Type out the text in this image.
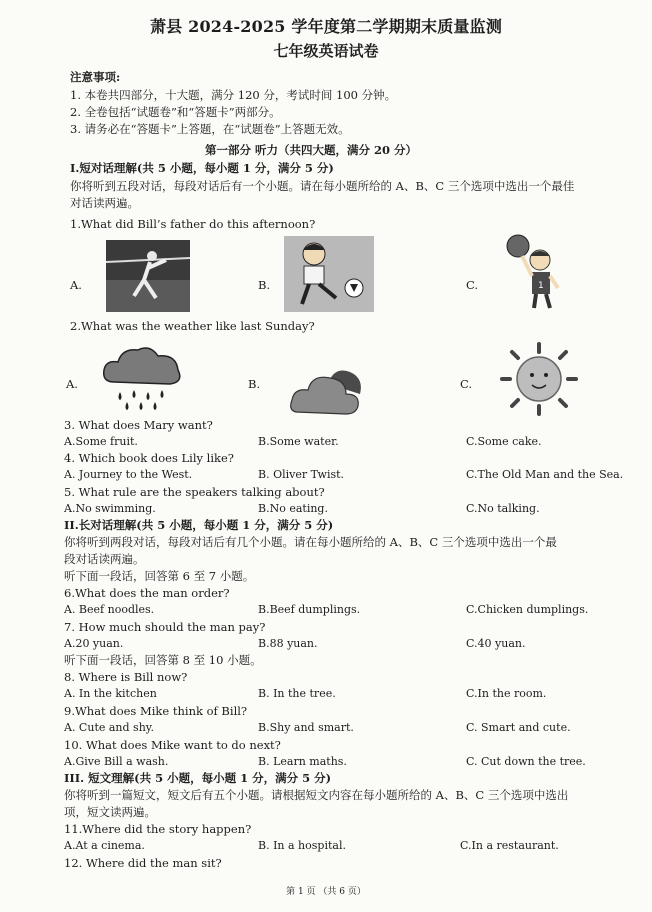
萧县 2024-2025 学年度第二学期期末质量监测
七年级英语试卷
注意事项:
1. 本卷共四部分，十大题，满分 120 分，考试时间 100 分钟。
2. 全卷包括“试题卷”和“答题卡”两部分。
3. 请务必在“答题卡”上答题，在“试题卷”上答题无效。
第一部分 听力（共四大题，满分 20 分）
I.短对话理解(共 5 小题，每小题 1 分，满分 5 分)
你将听到五段对话，每段对话后有一个小题。请在每小题所给的 A、B、C 三个选项中选出一个最佳
对话读两遍。
1.What did Bill’s father do this afternoon?
A.	B.	C.	1
2.What was the weather like last Sunday?
A.	B.	C.
3. What does Mary want?
A.Some fruit.	B.Some water.	C.Some cake.
4. Which book does Lily like?
A. Journey to the West.	B. Oliver Twist.	C.The Old Man and the Sea.
5. What rule are the speakers talking about?
A.No swimming.	B.No eating.	C.No talking.
II.长对话理解(共 5 小题，每小题 1 分，满分 5 分)
你将听到两段对话，每段对话后有几个小题。请在每小题所给的 A、B、C 三个选项中选出一个最
段对话读两遍。
听下面一段话，回答第 6 至 7 小题。
6.What does the man order?
A. Beef noodles.	B.Beef dumplings.	C.Chicken dumplings.
7. How much should the man pay?
A.20 yuan.	B.88 yuan.	C.40 yuan.
听下面一段话，回答第 8 至 10 小题。
8. Where is Bill now?
A. In the kitchen	B. In the tree.	C.In the room.
9.What does Mike think of Bill?
A. Cute and shy.	B.Shy and smart.	C. Smart and cute.
10. What does Mike want to do next?
A.Give Bill a wash.	B. Learn maths.	C. Cut down the tree.
III. 短文理解(共 5 小题，每小题 1 分，满分 5 分)
你将听到一篇短文，短文后有五个小题。请根据短文内容在每小题所给的 A、B、C 三个选项中选出
项，短文读两遍。
11.Where did the story happen?
A.At a cinema.	B. In a hospital.	C.In a restaurant.
12. Where did the man sit?
第 1 页 （共 6 页）
